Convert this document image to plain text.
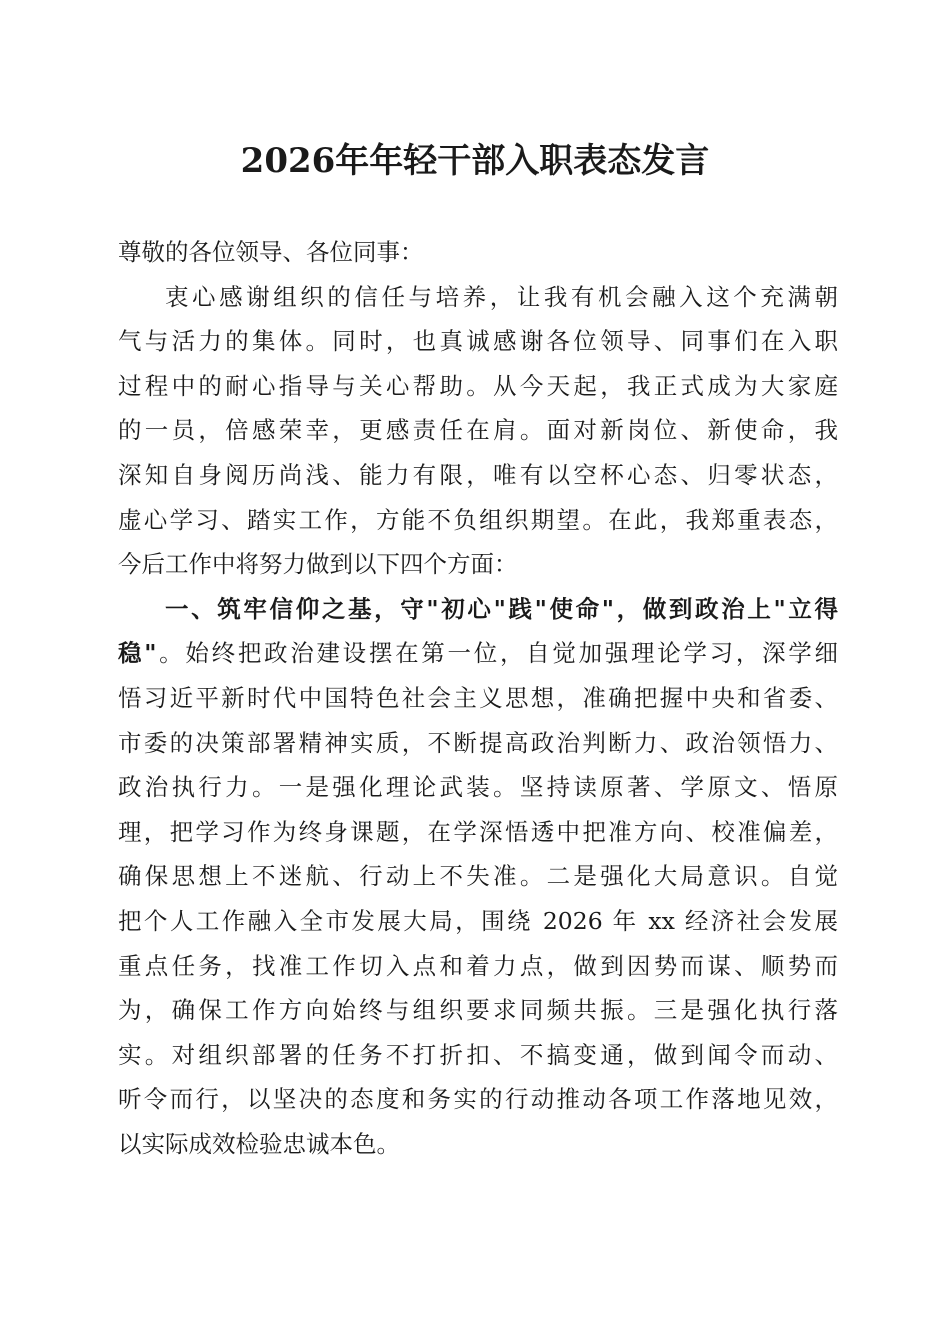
2026年年轻干部入职表态发言
尊敬的各位领导、各位同事：
衷心感谢组织的信任与培养，让我有机会融入这个充满朝
气与活力的集体。同时，也真诚感谢各位领导、同事们在入职
过程中的耐心指导与关心帮助。从今天起，我正式成为大家庭
的一员，倍感荣幸，更感责任在肩。面对新岗位、新使命，我
深知自身阅历尚浅、能力有限，唯有以空杯心态、归零状态，
虚心学习、踏实工作，方能不负组织期望。在此，我郑重表态，
今后工作中将努力做到以下四个方面：
一、筑牢信仰之基，守"初心"践"使命"，做到政治上"立得
稳"。始终把政治建设摆在第一位，自觉加强理论学习，深学细
悟习近平新时代中国特色社会主义思想，准确把握中央和省委、
市委的决策部署精神实质，不断提高政治判断力、政治领悟力、
政治执行力。一是强化理论武装。坚持读原著、学原文、悟原
理，把学习作为终身课题，在学深悟透中把准方向、校准偏差，
确保思想上不迷航、行动上不失准。二是强化大局意识。自觉
把个人工作融入全市发展大局，围绕 2026 年 xx 经济社会发展
重点任务，找准工作切入点和着力点，做到因势而谋、顺势而
为，确保工作方向始终与组织要求同频共振。三是强化执行落
实。对组织部署的任务不打折扣、不搞变通，做到闻令而动、
听令而行，以坚决的态度和务实的行动推动各项工作落地见效，
以实际成效检验忠诚本色。
